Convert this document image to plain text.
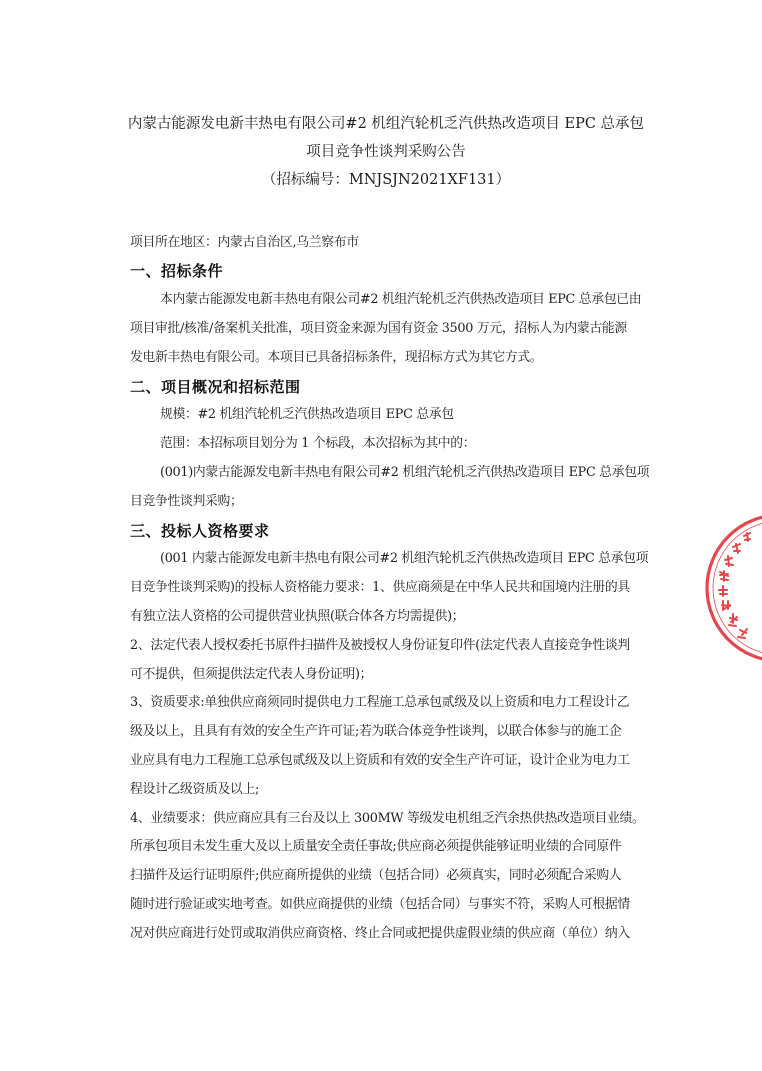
内蒙古能源发电新丰热电有限公司#2 机组汽轮机乏汽供热改造项目 EPC 总承包
项目竞争性谈判采购公告
（招标编号：MNJSJN2021XF131）
项目所在地区：内蒙古自治区,乌兰察布市
一、招标条件
本内蒙古能源发电新丰热电有限公司#2 机组汽轮机乏汽供热改造项目 EPC 总承包已由
项目审批/核准/备案机关批准，项目资金来源为国有资金 3500 万元，招标人为内蒙古能源
发电新丰热电有限公司。本项目已具备招标条件，现招标方式为其它方式。
二、项目概况和招标范围
规模：#2 机组汽轮机乏汽供热改造项目 EPC 总承包
范围：本招标项目划分为 1 个标段，本次招标为其中的：
(001)内蒙古能源发电新丰热电有限公司#2 机组汽轮机乏汽供热改造项目 EPC 总承包项
目竞争性谈判采购；
三、投标人资格要求
(001 内蒙古能源发电新丰热电有限公司#2 机组汽轮机乏汽供热改造项目 EPC 总承包项
目竞争性谈判采购)的投标人资格能力要求：1、供应商须是在中华人民共和国境内注册的具
有独立法人资格的公司提供营业执照(联合体各方均需提供)；
2、法定代表人授权委托书原件扫描件及被授权人身份证复印件(法定代表人直接竞争性谈判
可不提供，但须提供法定代表人身份证明)；
3、资质要求:单独供应商须同时提供电力工程施工总承包贰级及以上资质和电力工程设计乙
级及以上，且具有有效的安全生产许可证;若为联合体竞争性谈判，以联合体参与的施工企
业应具有电力工程施工总承包贰级及以上资质和有效的安全生产许可证，设计企业为电力工
程设计乙级资质及以上;
4、业绩要求：供应商应具有三台及以上 300MW 等级发电机组乏汽余热供热改造项目业绩。
所承包项目未发生重大及以上质量安全责任事故;供应商必须提供能够证明业绩的合同原件
扫描件及运行证明原件;供应商所提供的业绩（包括合同）必须真实，同时必须配合采购人
随时进行验证或实地考查。如供应商提供的业绩（包括合同）与事实不符，采购人可根据情
况对供应商进行处罚或取消供应商资格、终止合同或把提供虚假业绩的供应商（单位）纳入
